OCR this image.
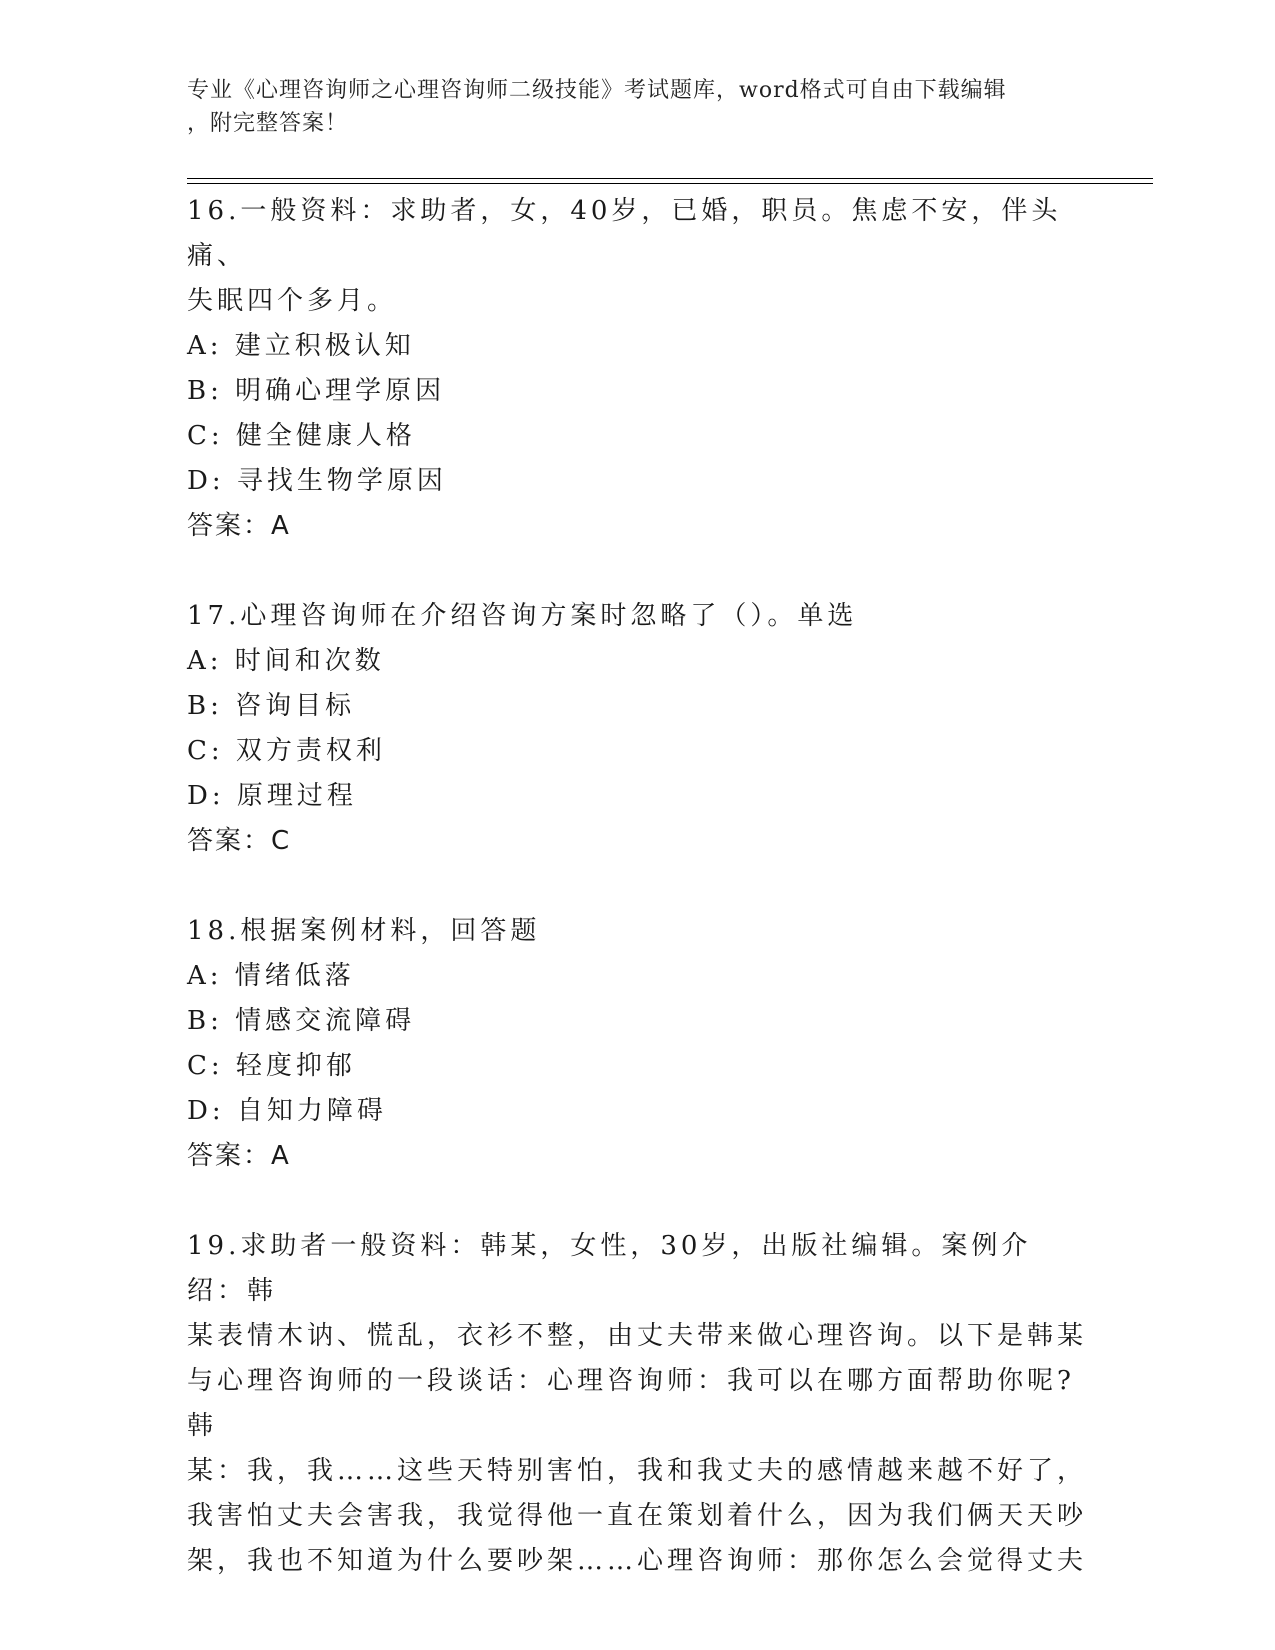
专业《心理咨询师之心理咨询师二级技能》考试题库，word格式可自由下载编辑
，附完整答案！

16.一般资料：求助者，女，40岁，已婚，职员。焦虑不安，伴头痛、
失眠四个多月。

A: 建立积极认知

B: 明确心理学原因

C: 健全健康人格

D: 寻找生物学原因

答案：A

17.心理咨询师在介绍咨询方案时忽略了（）。单选

A: 时间和次数

B: 咨询目标

C: 双方责权利

D: 原理过程

答案：C

18.根据案例材料，回答题

A: 情绪低落

B: 情感交流障碍

C: 轻度抑郁

D: 自知力障碍

答案：A

19.求助者一般资料：韩某，女性，30岁，出版社编辑。案例介绍：韩
某表情木讷、慌乱，衣衫不整，由丈夫带来做心理咨询。以下是韩某
与心理咨询师的一段谈话：心理咨询师：我可以在哪方面帮助你呢?韩
某：我，我……这些天特别害怕，我和我丈夫的感情越来越不好了，
我害怕丈夫会害我，我觉得他一直在策划着什么，因为我们俩天天吵
架，我也不知道为什么要吵架……心理咨询师：那你怎么会觉得丈夫
